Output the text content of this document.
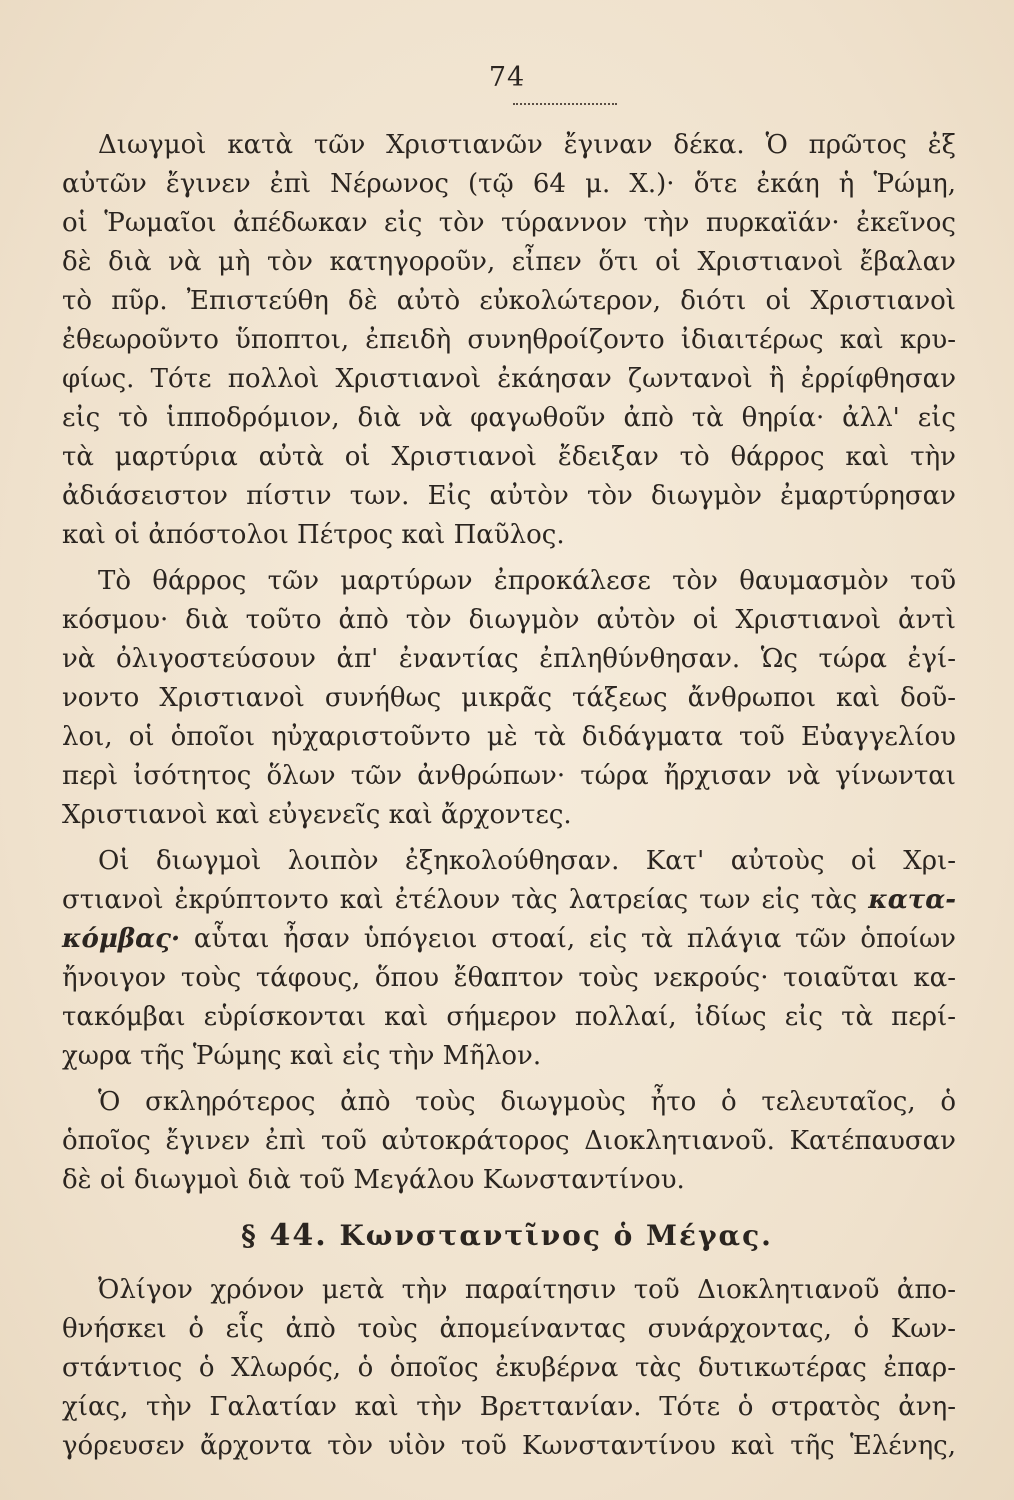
74
Διωγμοὶ κατὰ τῶν Χριστιανῶν ἔγιναν δέκα. Ὁ πρῶτος ἐξ
αὐτῶν ἔγινεν ἐπὶ Νέρωνος (τῷ 64 μ. Χ.)· ὅτε ἐκάη ἡ Ῥώμη,
οἱ Ῥωμαῖοι ἀπέδωκαν εἰς τὸν τύραννον τὴν πυρκαϊάν· ἐκεῖνος
δὲ διὰ νὰ μὴ τὸν κατηγοροῦν, εἶπεν ὅτι οἱ Χριστιανοὶ ἔβαλαν
τὸ πῦρ. Ἐπιστεύθη δὲ αὐτὸ εὐκολώτερον, διότι οἱ Χριστιανοὶ
ἐθεωροῦντο ὕποπτοι, ἐπειδὴ συνηθροίζοντο ἰδιαιτέρως καὶ κρυ-
φίως. Τότε πολλοὶ Χριστιανοὶ ἐκάησαν ζωντανοὶ ἢ ἐρρίφθησαν
εἰς τὸ ἱπποδρόμιον, διὰ νὰ φαγωθοῦν ἀπὸ τὰ θηρία· ἀλλ' εἰς
τὰ μαρτύρια αὐτὰ οἱ Χριστιανοὶ ἔδειξαν τὸ θάρρος καὶ τὴν
ἀδιάσειστον πίστιν των. Εἰς αὐτὸν τὸν διωγμὸν ἐμαρτύρησαν
καὶ οἱ ἀπόστολοι Πέτρος καὶ Παῦλος.
Τὸ θάρρος τῶν μαρτύρων ἐπροκάλεσε τὸν θαυμασμὸν τοῦ
κόσμου· διὰ τοῦτο ἀπὸ τὸν διωγμὸν αὐτὸν οἱ Χριστιανοὶ ἀντὶ
νὰ ὀλιγοστεύσουν ἀπ' ἐναντίας ἐπληθύνθησαν. Ὡς τώρα ἐγί-
νοντο Χριστιανοὶ συνήθως μικρᾶς τάξεως ἄνθρωποι καὶ δοῦ-
λοι, οἱ ὁποῖοι ηὐχαριστοῦντο μὲ τὰ διδάγματα τοῦ Εὐαγγελίου
περὶ ἰσότητος ὅλων τῶν ἀνθρώπων· τώρα ἤρχισαν νὰ γίνωνται
Χριστιανοὶ καὶ εὐγενεῖς καὶ ἄρχοντες.
Οἱ διωγμοὶ λοιπὸν ἐξηκολούθησαν. Κατ' αὐτοὺς οἱ Χρι-
στιανοὶ ἐκρύπτοντο καὶ ἐτέλουν τὰς λατρείας των εἰς τὰς κατα-
κόμβας· αὗται ἦσαν ὑπόγειοι στοαί, εἰς τὰ πλάγια τῶν ὁποίων
ἤνοιγον τοὺς τάφους, ὅπου ἔθαπτον τοὺς νεκρούς· τοιαῦται κα-
τακόμβαι εὑρίσκονται καὶ σήμερον πολλαί, ἰδίως εἰς τὰ περί-
χωρα τῆς Ῥώμης καὶ εἰς τὴν Μῆλον.
Ὁ σκληρότερος ἀπὸ τοὺς διωγμοὺς ἦτο ὁ τελευταῖος, ὁ
ὁποῖος ἔγινεν ἐπὶ τοῦ αὐτοκράτορος Διοκλητιανοῦ. Κατέπαυσαν
δὲ οἱ διωγμοὶ διὰ τοῦ Μεγάλου Κωνσταντίνου.
§ 44. Κωνσταντῖνος ὁ Μέγας.
Ὀλίγον χρόνον μετὰ τὴν παραίτησιν τοῦ Διοκλητιανοῦ ἀπο-
θνήσκει ὁ εἷς ἀπὸ τοὺς ἀπομείναντας συνάρχοντας, ὁ Κων-
στάντιος ὁ Χλωρός, ὁ ὁποῖος ἐκυβέρνα τὰς δυτικωτέρας ἐπαρ-
χίας, τὴν Γαλατίαν καὶ τὴν Βρεττανίαν. Τότε ὁ στρατὸς ἀνη-
γόρευσεν ἄρχοντα τὸν υἱὸν τοῦ Κωνσταντίνου καὶ τῆς Ἑλένης,
